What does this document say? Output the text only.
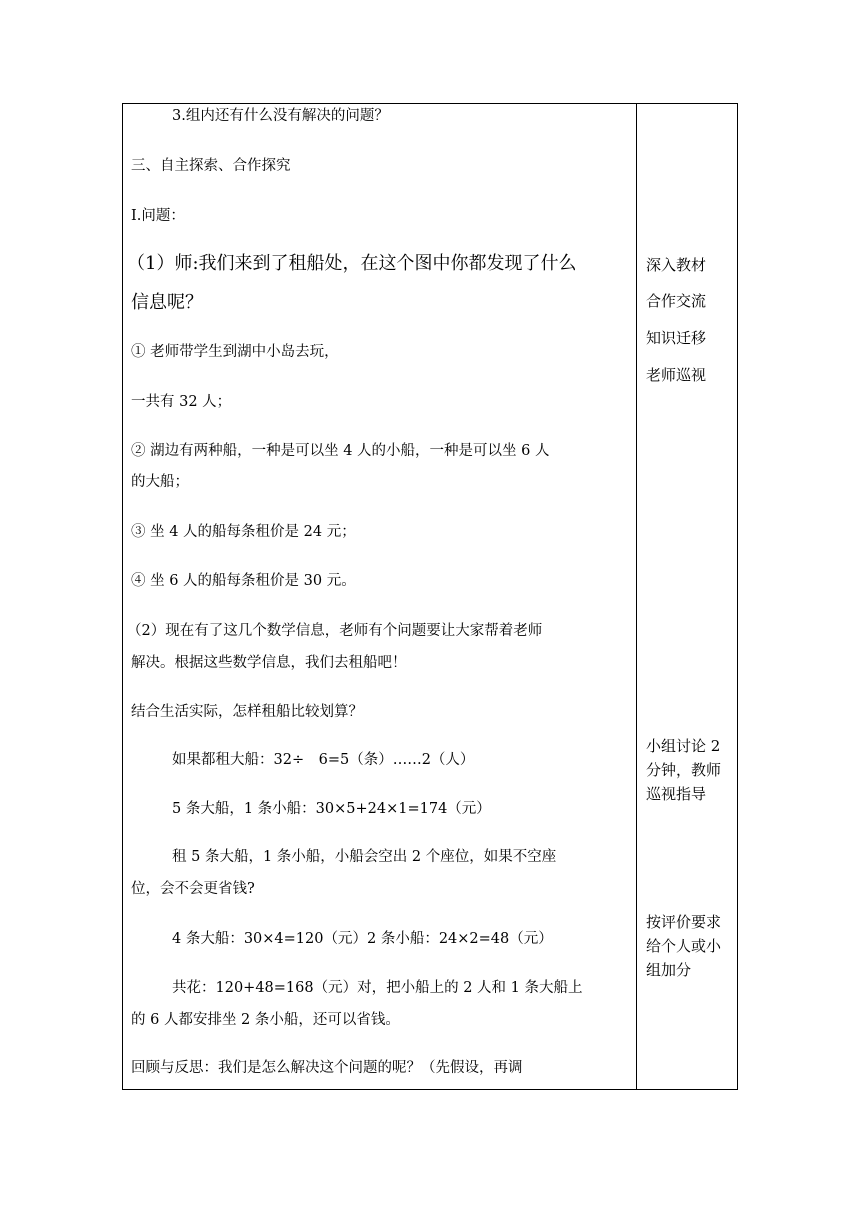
3.组内还有什么没有解决的问题？
三、自主探索、合作探究
Ⅰ.问题：
（1）师:我们来到了租船处，在这个图中你都发现了什么
信息呢？
① 老师带学生到湖中小岛去玩，
一共有 32 人；
② 湖边有两种船，一种是可以坐 4 人的小船，一种是可以坐 6 人
的大船；
③ 坐 4 人的船每条租价是 24 元；
④ 坐 6 人的船每条租价是 30 元。
（2）现在有了这几个数学信息，老师有个问题要让大家帮着老师
解决。根据这些数学信息，我们去租船吧！
结合生活实际，怎样租船比较划算？
如果都租大船：32÷　6=5（条）……2（人）
5 条大船，1 条小船：30×5+24×1=174（元）
租 5 条大船，1 条小船，小船会空出 2 个座位，如果不空座
位，会不会更省钱?
4 条大船：30×4=120（元）2 条小船：24×2=48（元）
共花：120+48=168（元）对，把小船上的 2 人和 1 条大船上
的 6 人都安排坐 2 条小船，还可以省钱。
回顾与反思：我们是怎么解决这个问题的呢？（先假设，再调
深入教材
合作交流
知识迁移
老师巡视
小组讨论 2 分钟，教师巡视指导
按评价要求给个人或小组加分
